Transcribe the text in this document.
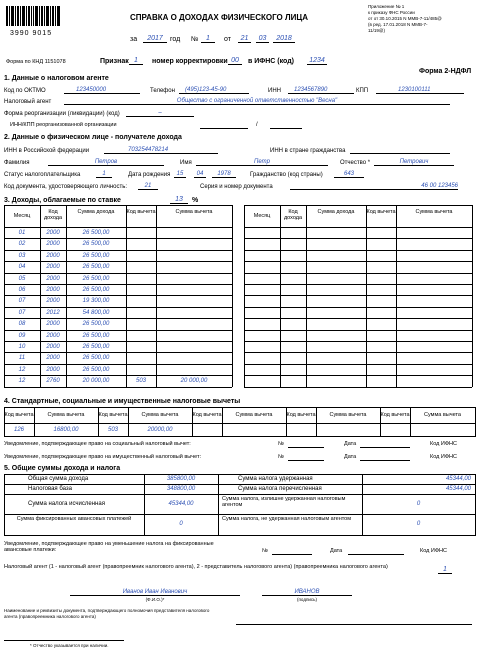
3990 9015
Приложение № 1
к приказу ФНС России
от от 30.10.2015 N ММВ-7-11/485@
(в ред. 17.01.2018 N ММВ-7-
11/19@)
СПРАВКА О ДОХОДАХ ФИЗИЧЕСКОГО ЛИЦА
за	2017	год №	1	от	21	03	2018
Форма по КНД 1151078	Признак 1	номер корректировки 00	в ИФНС (код)	1234
Форма 2-НДФЛ
1. Данные о налоговом агенте
Код по ОКТМО	123450000	Телефон	(495)123-45-90	ИНН	1234567890	КПП	1230100111
Налоговый агент	Общество с ограниченной ответственностью "Весна"
Форма реорганизации (ликвидации) (код)	–
ИНН/КПП реорганизованной организации	/
2. Данные о физическом лице - получателе дохода
ИНН в Российской федерации	703254478214	ИНН в стране гражданства
Фамилия	Петров	Имя	Петр	Отчество *	Петрович
Статус налогоплательщика	1	Дата рождения	15	04	1978	Гражданство (код страны)	643
Код документа, удостоверяющего личность:	21	Серия и номер документа	46 00 123456
3. Доходы, облагаемые по ставке	13	%
Месяц
Код дохода
Сумма дохода	Код вычета	Сумма вычета
Месяц
Код дохода
Сумма дохода	Код вычета	Сумма вычета
01	2000	26 500,00
02	2000	26 500,00
03	2000	26 500,00
04	2000	26 500,00
05	2000	26 500,00
06	2000	26 500,00
07	2000	19 300,00
07	2012	54 800,00
08	2000	26 500,00
09	2000	26 500,00
10	2000	26 500,00
11	2000	26 500,00
12	2000	26 500,00
12	2760	20 000,00	503	20 000,00
4. Стандартные, социальные и имущественные налоговые вычеты
Код вычета	Сумма вычета	Код вычета	Сумма вычета	Код вычета	Сумма вычета	Код вычета	Сумма вычета	Код вычета	Сумма вычета
126	16800,00	503	20000,00
Уведомление, подтверждающее право на социальный налоговый вычет:	№	Дата	Код ИФНС
Уведомление, подтверждающее право на имущественный налоговый вычет:	№	Дата	Код ИФНС
5. Общие суммы дохода и налога
Общая сумма дохода	385800,00
Налоговая база	348800,00
Сумма налога исчисленная	45344,00
Сумма фиксированных авансовых платежей
0
Сумма налога удержанная	45344,00
Сумма налога перечисленная	45344,00
Сумма налога, излишне удержанная налоговым агентом	0
Сумма налога, не удержанная налоговым агентом
0
Уведомление, подтверждающее право на уменьшение налога на фиксированные авансовые платежи:	№	Дата	Код ИФНС
Налоговый агент (1 - налоговый агент (правопреемник налогового агента), 2 - представитель налогового агента) (правопреемника налогового агента)	1
Иванов Иван Иванович
(Ф.И.О.)*
ИВАНОВ
(подпись)
Наименование и реквизиты документа, подтверждающего полномочия представителя налогового агента (правопреемника налогового агента)
* Отчество указывается при наличии.
